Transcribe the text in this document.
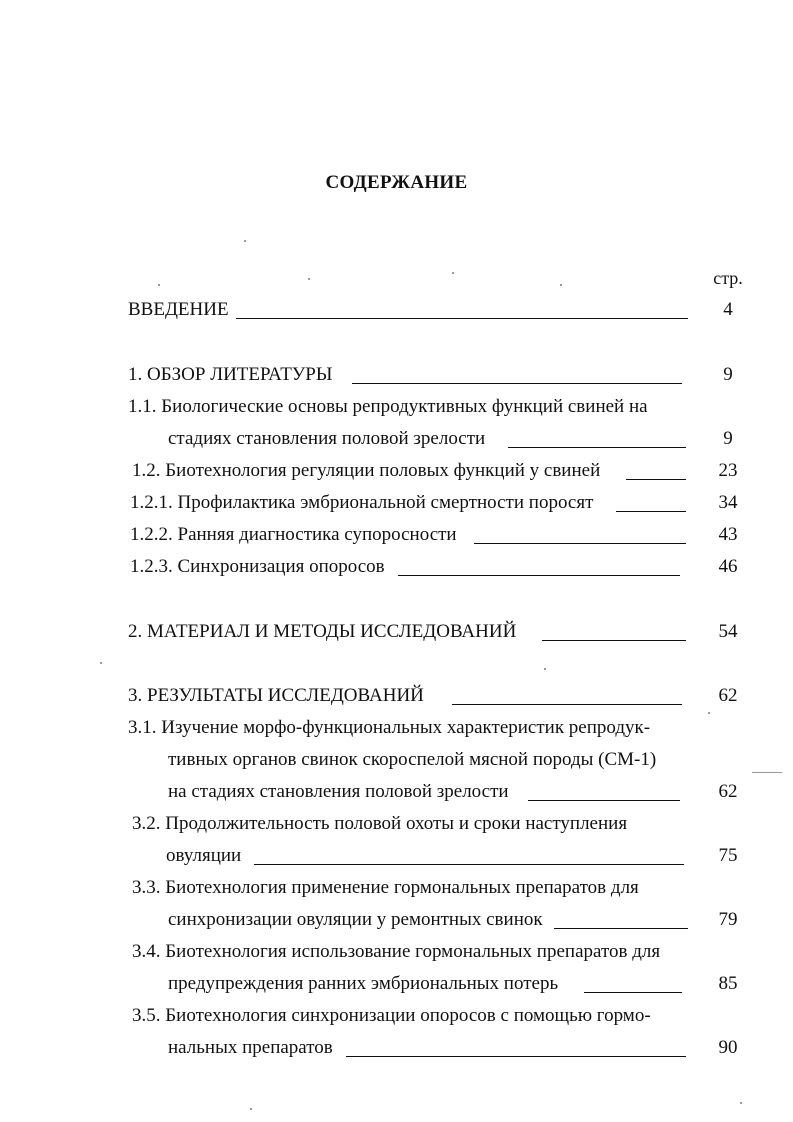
СОДЕРЖАНИЕ
стр.
ВВЕДЕНИЕ	4
1. ОБЗОР ЛИТЕРАТУРЫ	9
1.1. Биологические основы репродуктивных функций свиней на
стадиях становления половой зрелости	9
1.2. Биотехнология регуляции половых функций у свиней	23
1.2.1. Профилактика эмбриональной смертности поросят	34
1.2.2. Ранняя диагностика супоросности	43
1.2.3. Синхронизация опоросов	46
2. МАТЕРИАЛ И МЕТОДЫ ИССЛЕДОВАНИЙ	54
3. РЕЗУЛЬТАТЫ ИССЛЕДОВАНИЙ	62
3.1. Изучение морфо-функциональных характеристик репродук-
тивных органов свинок скороспелой мясной породы (СМ-1)
на стадиях становления половой зрелости	62
3.2. Продолжительность половой охоты и сроки наступления
овуляции	75
3.3. Биотехнология применение гормональных препаратов для
синхронизации овуляции у ремонтных свинок	79
3.4. Биотехнология использование гормональных препаратов для
предупреждения ранних эмбриональных потерь	85
3.5. Биотехнология синхронизации опоросов с помощью гормо-
нальных препаратов	90
